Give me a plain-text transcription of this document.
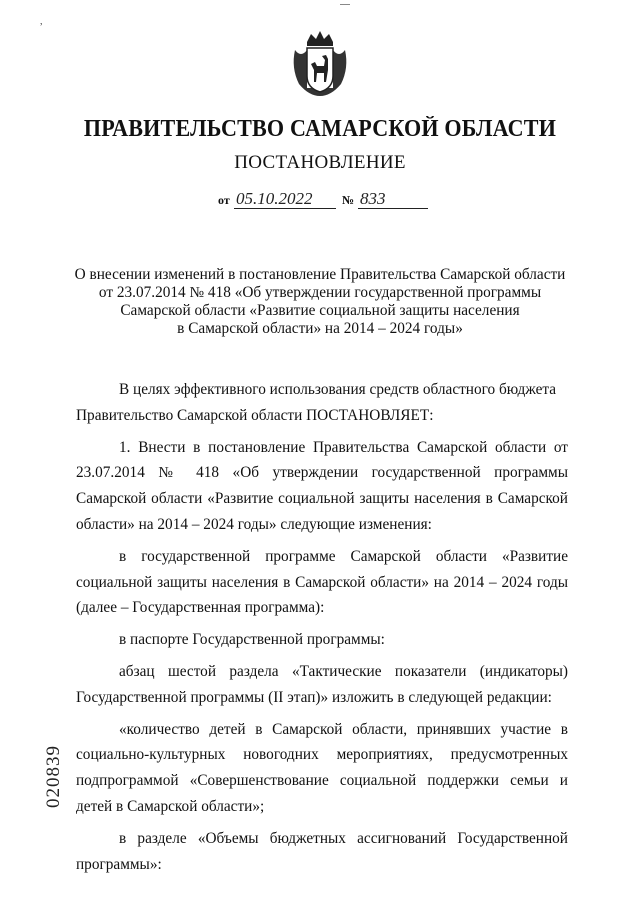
,
ПРАВИТЕЛЬСТВО САМАРСКОЙ ОБЛАСТИ
ПОСТАНОВЛЕНИЕ
от 05.10.2022	№ 833
О внесении изменений в постановление Правительства Самарской области
от 23.07.2014 № 418 «Об утверждении государственной программы
Самарской области «Развитие социальной защиты населения
в Самарской области» на 2014 – 2024 годы»

В целях эффективного использования средств областного бюджета

Правительство Самарской области ПОСТАНОВЛЯЕТ:

1. Внести в постановление Правительства Самарской области от 23.07.2014 № 418 «Об утверждении государственной программы Самарской области «Развитие социальной защиты населения в Самарской области» на 2014 – 2024 годы» следующие изменения:

в государственной программе Самарской области «Развитие социальной защиты населения в Самарской области» на 2014 – 2024 годы (далее – Государственная программа):

в паспорте Государственной программы:

абзац шестой раздела «Тактические показатели (индикаторы) Государственной программы (II этап)» изложить в следующей редакции:

«количество детей в Самарской области, принявших участие в социально-культурных новогодних мероприятиях, предусмотренных подпрограммой «Совершенствование социальной поддержки семьи и детей в Самарской области»;

в разделе «Объемы бюджетных ассигнований Государственной программы»:

020839
